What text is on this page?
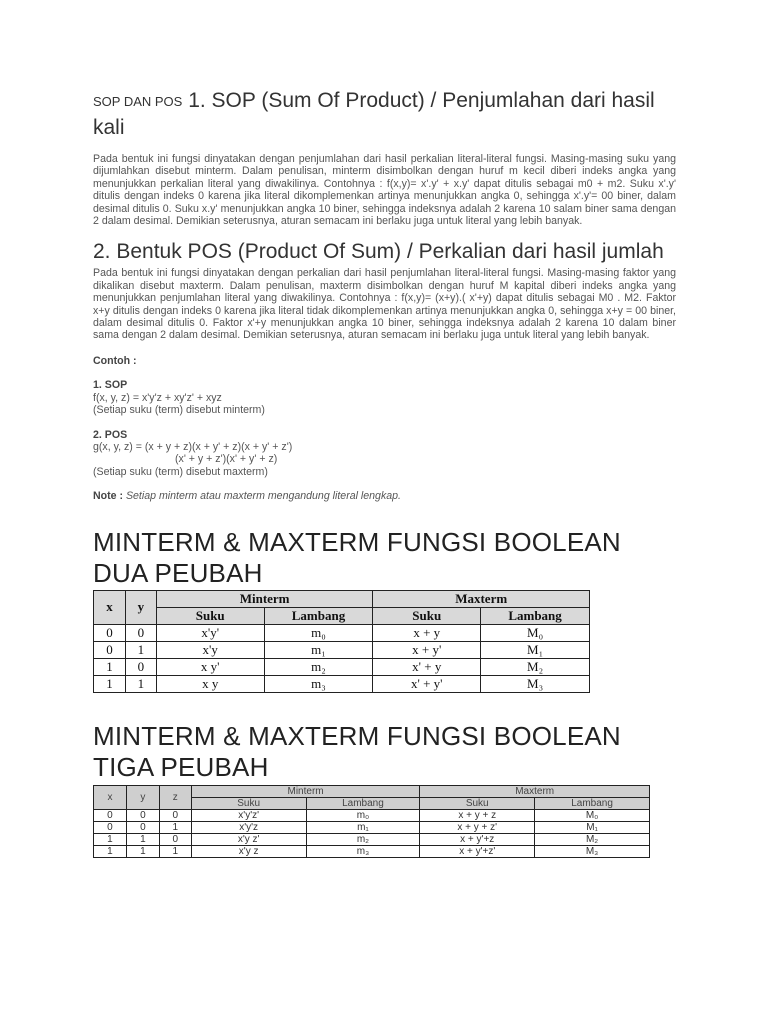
SOP DAN POS 1. SOP (Sum Of Product) / Penjumlahan dari hasil kali

Pada bentuk ini fungsi dinyatakan dengan penjumlahan dari hasil perkalian literal-literal fungsi. Masing-masing suku yang dijumlahkan disebut minterm. Dalam penulisan, minterm disimbolkan dengan huruf m kecil diberi indeks angka yang menunjukkan perkalian literal yang diwakilinya. Contohnya : f(x,y)= x'.y' + x.y' dapat ditulis sebagai m0 + m2. Suku x'.y' ditulis dengan indeks 0 karena jika literal dikomplemenkan artinya menunjukkan angka 0, sehingga x'.y'= 00 biner, dalam desimal ditulis 0. Suku x.y' menunjukkan angka 10 biner, sehingga indeksnya adalah 2 karena 10 salam biner sama dengan 2 dalam desimal. Demikian seterusnya, aturan semacam ini berlaku juga untuk literal yang lebih banyak.

2. Bentuk POS (Product Of Sum) / Perkalian dari hasil jumlah

Pada bentuk ini fungsi dinyatakan dengan perkalian dari hasil penjumlahan literal-literal fungsi. Masing-masing faktor yang dikalikan disebut maxterm. Dalam penulisan, maxterm disimbolkan dengan huruf M kapital diberi indeks angka yang menunjukkan penjumlahan literal yang diwakilinya. Contohnya : f(x,y)= (x+y).( x'+y) dapat ditulis sebagai M0 . M2. Faktor x+y ditulis dengan indeks 0 karena jika literal tidak dikomplemenkan artinya menunjukkan angka 0, sehingga x+y = 00 biner, dalam desimal ditulis 0. Faktor x'+y menunjukkan angka 10 biner, sehingga indeksnya adalah 2 karena 10 dalam biner sama dengan 2 dalam desimal. Demikian seterusnya, aturan semacam ini berlaku juga untuk literal yang lebih banyak.

Contoh :
1. SOP
f(x, y, z) = x'y'z + xy'z' + xyz
(Setiap suku (term) disebut minterm)
2. POS
g(x, y, z) = (x + y + z)(x + y' + z)(x + y' + z')
(x' + y + z')(x' + y' + z)
(Setiap suku (term) disebut maxterm)
Note : Setiap minterm atau maxterm mengandung literal lengkap.
MINTERM & MAXTERM FUNGSI BOOLEAN DUA PEUBAH
x	y	Minterm		Maxterm	
		Suku	Lambang	Suku	Lambang
0	0	x'y'	m₀	x + y	M₀
0	1	x'y	m₁	x + y'	M₁
1	0	x y'	m₂	x' + y	M₂
1	1	x y	m₃	x' + y'	M₃
MINTERM & MAXTERM FUNGSI BOOLEAN TIGA PEUBAH
x	y	z	Minterm		Maxterm	
			Suku	Lambang	Suku	Lambang
0	0	0	x'y'z'	m₀	x + y + z	M₀
0	0	1	x'y'z	m₁	x + y + z'	M₁
1	1	0	x'y z'	m₂	x + y'+z	M₂
1	1	1	x'y z	m₃	x + y'+z'	M₃
